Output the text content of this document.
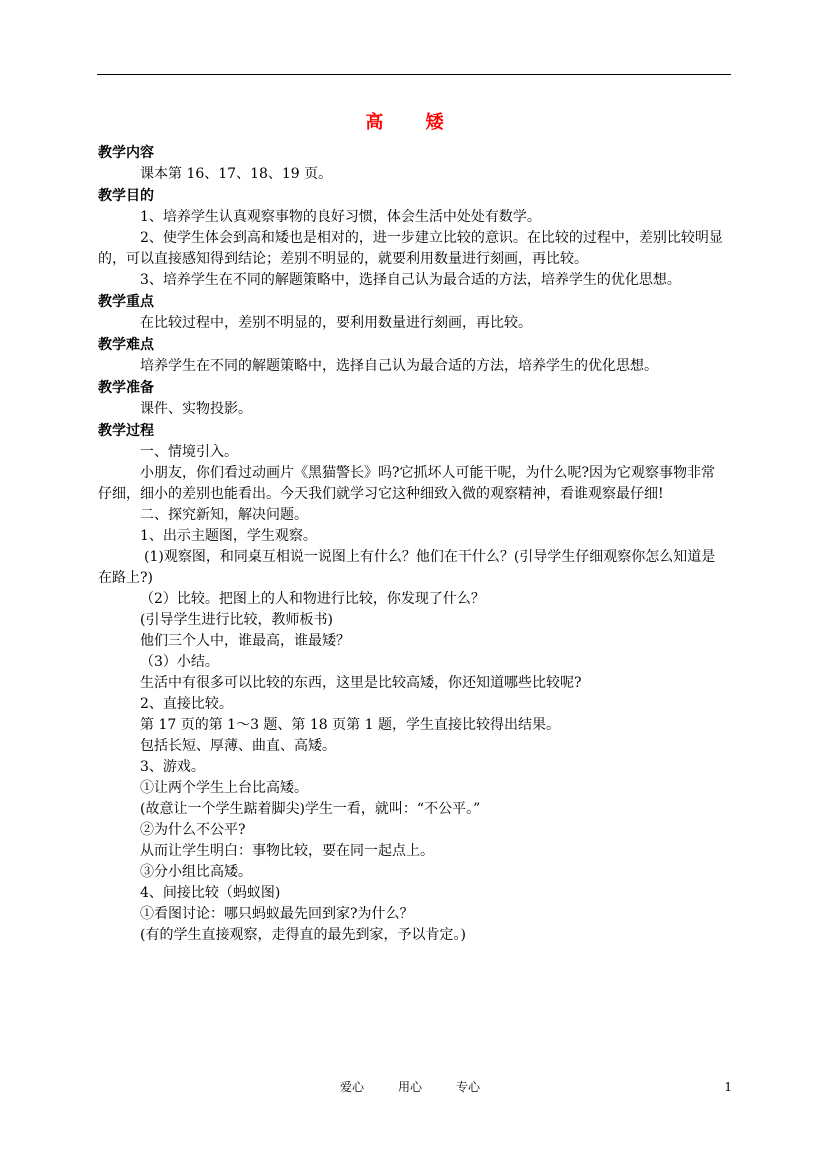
高 矮

教学内容

课本第 16、17、18、19 页。

教学目的

1、培养学生认真观察事物的良好习惯，体会生活中处处有数学。

2、使学生体会到高和矮也是相对的，进一步建立比较的意识。在比较的过程中，差别比较明显的，可以直接感知得到结论；差别不明显的，就要利用数量进行刻画，再比较。

3、培养学生在不同的解题策略中，选择自己认为最合适的方法，培养学生的优化思想。

教学重点

在比较过程中，差别不明显的，要利用数量进行刻画，再比较。

教学难点

培养学生在不同的解题策略中，选择自己认为最合适的方法，培养学生的优化思想。

教学准备

课件、实物投影。

教学过程

一、情境引入。

小朋友，你们看过动画片《黑猫警长》吗?它抓坏人可能干呢，为什么呢?因为它观察事物非常仔细，细小的差别也能看出。今天我们就学习它这种细致入微的观察精神，看谁观察最仔细!

二、探究新知，解决问题。

1、出示主题图，学生观察。

(1)观察图，和同桌互相说一说图上有什么？他们在干什么？(引导学生仔细观察你怎么知道是在路上?)

（2）比较。把图上的人和物进行比较，你发现了什么？

(引导学生进行比较，教师板书)

他们三个人中，谁最高，谁最矮？

（3）小结。

生活中有很多可以比较的东西，这里是比较高矮，你还知道哪些比较呢?

2、直接比较。

第 17 页的第 1～3 题、第 18 页第 1 题，学生直接比较得出结果。

包括长短、厚薄、曲直、高矮。

3、游戏。

①让两个学生上台比高矮。

(故意让一个学生踮着脚尖)学生一看，就叫：“不公平。”

②为什么不公平?

从而让学生明白：事物比较，要在同一起点上。

③分小组比高矮。

4、间接比较（蚂蚁图)

①看图讨论：哪只蚂蚁最先回到家?为什么？

(有的学生直接观察，走得直的最先到家，予以肯定。)

爱心	用心	专心	1
